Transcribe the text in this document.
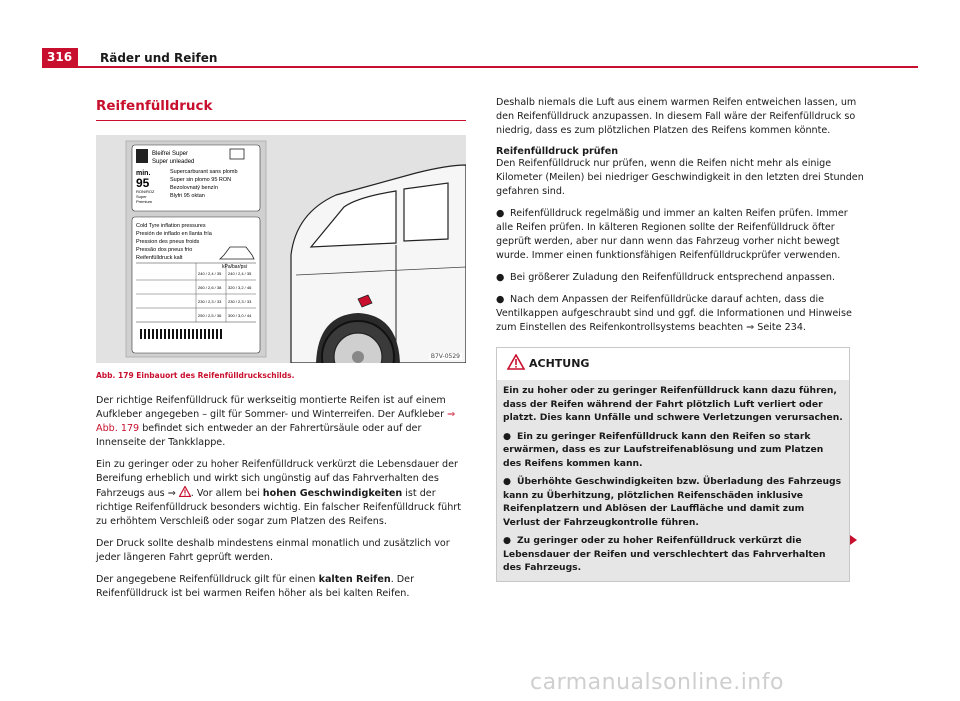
316	Räder und Reifen
Reifenfülldruck
Bleifrei Super
Super unleaded
min.
95
RON/ROZ
Super
Premium
Supercarburant sans plomb
Super sin plomo 95 RON
Bezolovnatý benzín
Blyfri 95 oktan
Cold Tyre inflation pressures
Presión de inflado en llanta fría
Pression des pneus froids
Pressão dos pneus frio
Reifenfülldruck kalt
kPa/bar/psi
240 / 2,4 / 35 240 / 2,4 / 35
260 / 2,6 / 38 320 / 3,2 / 46
230 / 2,3 / 33 230 / 2,3 / 33
250 / 2,5 / 36 300 / 3,0 / 44
B7V-0529
Abb. 179 Einbauort des Reifenfülldruckschilds.

Der richtige Reifenfülldruck für werkseitig montierte Reifen ist auf einem Aufkleber angegeben – gilt für Sommer- und Winterreifen. Der Aufkleber ⇒ Abb. 179 befindet sich entweder an der Fahrertürsäule oder auf der Innenseite der Tankklappe.

Ein zu geringer oder zu hoher Reifenfülldruck verkürzt die Lebensdauer der Bereifung erheblich und wirkt sich ungünstig auf das Fahrverhalten des Fahrzeugs aus ⇒ . Vor allem bei hohen Geschwindigkeiten ist der richtige Reifenfülldruck besonders wichtig. Ein falscher Reifenfülldruck führt zu erhöhtem Verschleiß oder sogar zum Platzen des Reifens.

Der Druck sollte deshalb mindestens einmal monatlich und zusätzlich vor jeder längeren Fahrt geprüft werden.

Der angegebene Reifenfülldruck gilt für einen kalten Reifen. Der Reifenfülldruck ist bei warmen Reifen höher als bei kalten Reifen.

Deshalb niemals die Luft aus einem warmen Reifen entweichen lassen, um den Reifenfülldruck anzupassen. In diesem Fall wäre der Reifenfülldruck so niedrig, dass es zum plötzlichen Platzen des Reifens kommen könnte.

Reifenfülldruck prüfen

Den Reifenfülldruck nur prüfen, wenn die Reifen nicht mehr als einige Kilometer (Meilen) bei niedriger Geschwindigkeit in den letzten drei Stunden gefahren sind.

● Reifenfülldruck regelmäßig und immer an kalten Reifen prüfen. Immer alle Reifen prüfen. In kälteren Regionen sollte der Reifenfülldruck öfter geprüft werden, aber nur dann wenn das Fahrzeug vorher nicht bewegt wurde. Immer einen funktionsfähigen Reifenfülldruckprüfer verwenden.

● Bei größerer Zuladung den Reifenfülldruck entsprechend anpassen.

● Nach dem Anpassen der Reifenfülldrücke darauf achten, dass die Ventilkappen aufgeschraubt sind und ggf. die Informationen und Hinweise zum Einstellen des Reifenkontrollsystems beachten ⇒ Seite 234.

ACHTUNG

Ein zu hoher oder zu geringer Reifenfülldruck kann dazu führen, dass der Reifen während der Fahrt plötzlich Luft verliert oder platzt. Dies kann Unfälle und schwere Verletzungen verursachen.

● Ein zu geringer Reifenfülldruck kann den Reifen so stark erwärmen, dass es zur Laufstreifenablösung und zum Platzen des Reifens kommen kann.

● Überhöhte Geschwindigkeiten bzw. Überladung des Fahrzeugs kann zu Überhitzung, plötzlichen Reifenschäden inklusive Reifenplatzern und Ablösen der Lauffläche und damit zum Verlust der Fahrzeugkontrolle führen.

● Zu geringer oder zu hoher Reifenfülldruck verkürzt die Lebensdauer der Reifen und verschlechtert das Fahrverhalten des Fahrzeugs.

carmanualsonline.info
